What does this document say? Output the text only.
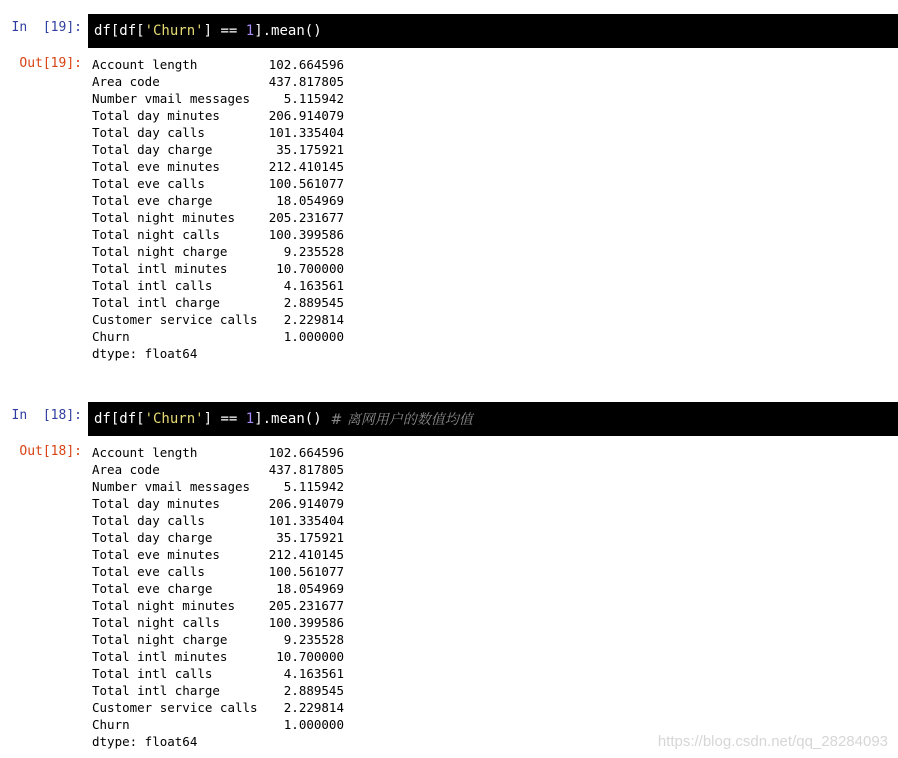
In  [19]: df[df[ 'Churn' ] == 1 ].mean()
Out[19]: Account length	102.664596
Area code	437.817805
Number vmail messages	5.115942
Total day minutes	206.914079
Total day calls	101.335404
Total day charge	35.175921
Total eve minutes	212.410145
Total eve calls	100.561077
Total eve charge	18.054969
Total night minutes	205.231677
Total night calls	100.399586
Total night charge	9.235528
Total intl minutes	10.700000
Total intl calls	4.163561
Total intl charge	2.889545
Customer service calls	2.229814
Churn	1.000000
dtype: float64
In  [18]: df[df[ 'Churn' ] == 1 ].mean() # 离网用户的数值均值
Out[18]: Account length	102.664596
Area code	437.817805
Number vmail messages	5.115942
Total day minutes	206.914079
Total day calls	101.335404
Total day charge	35.175921
Total eve minutes	212.410145
Total eve calls	100.561077
Total eve charge	18.054969
Total night minutes	205.231677
Total night calls	100.399586
Total night charge	9.235528
Total intl minutes	10.700000
Total intl calls	4.163561
Total intl charge	2.889545
Customer service calls	2.229814
Churn	1.000000
dtype: float64	https://blog.csdn.net/qq_28284093
